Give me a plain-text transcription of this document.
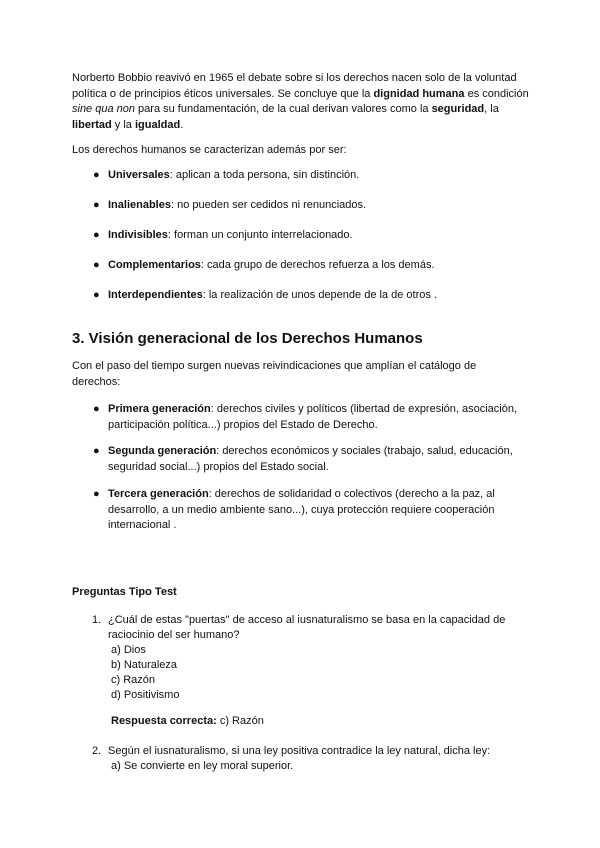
Norberto Bobbio reavivó en 1965 el debate sobre si los derechos nacen solo de la voluntad política o de principios éticos universales. Se concluye que la dignidad humana es condición sine qua non para su fundamentación, de la cual derivan valores como la seguridad, la libertad y la igualdad.
Los derechos humanos se caracterizan además por ser:
● Universales: aplican a toda persona, sin distinción.
● Inalienables: no pueden ser cedidos ni renunciados.
● Indivisibles: forman un conjunto interrelacionado.
● Complementarios: cada grupo de derechos refuerza a los demás.
● Interdependientes: la realización de unos depende de la de otros .
3. Visión generacional de los Derechos Humanos
Con el paso del tiempo surgen nuevas reivindicaciones que amplían el catálogo de derechos:
● Primera generación: derechos civiles y políticos (libertad de expresión, asociación, participación política...) propios del Estado de Derecho.
● Segunda generación: derechos económicos y sociales (trabajo, salud, educación, seguridad social...) propios del Estado social.
● Tercera generación: derechos de solidaridad o colectivos (derecho a la paz, al desarrollo, a un medio ambiente sano...), cuya protección requiere cooperación internacional .
Preguntas Tipo Test
1. ¿Cuál de estas "puertas" de acceso al iusnaturalismo se basa en la capacidad de raciocinio del ser humano?
a) Dios
b) Naturaleza
c) Razón
d) Positivismo
Respuesta correcta: c) Razón
2. Según el iusnaturalismo, si una ley positiva contradice la ley natural, dicha ley:
a) Se convierte en ley moral superior.
